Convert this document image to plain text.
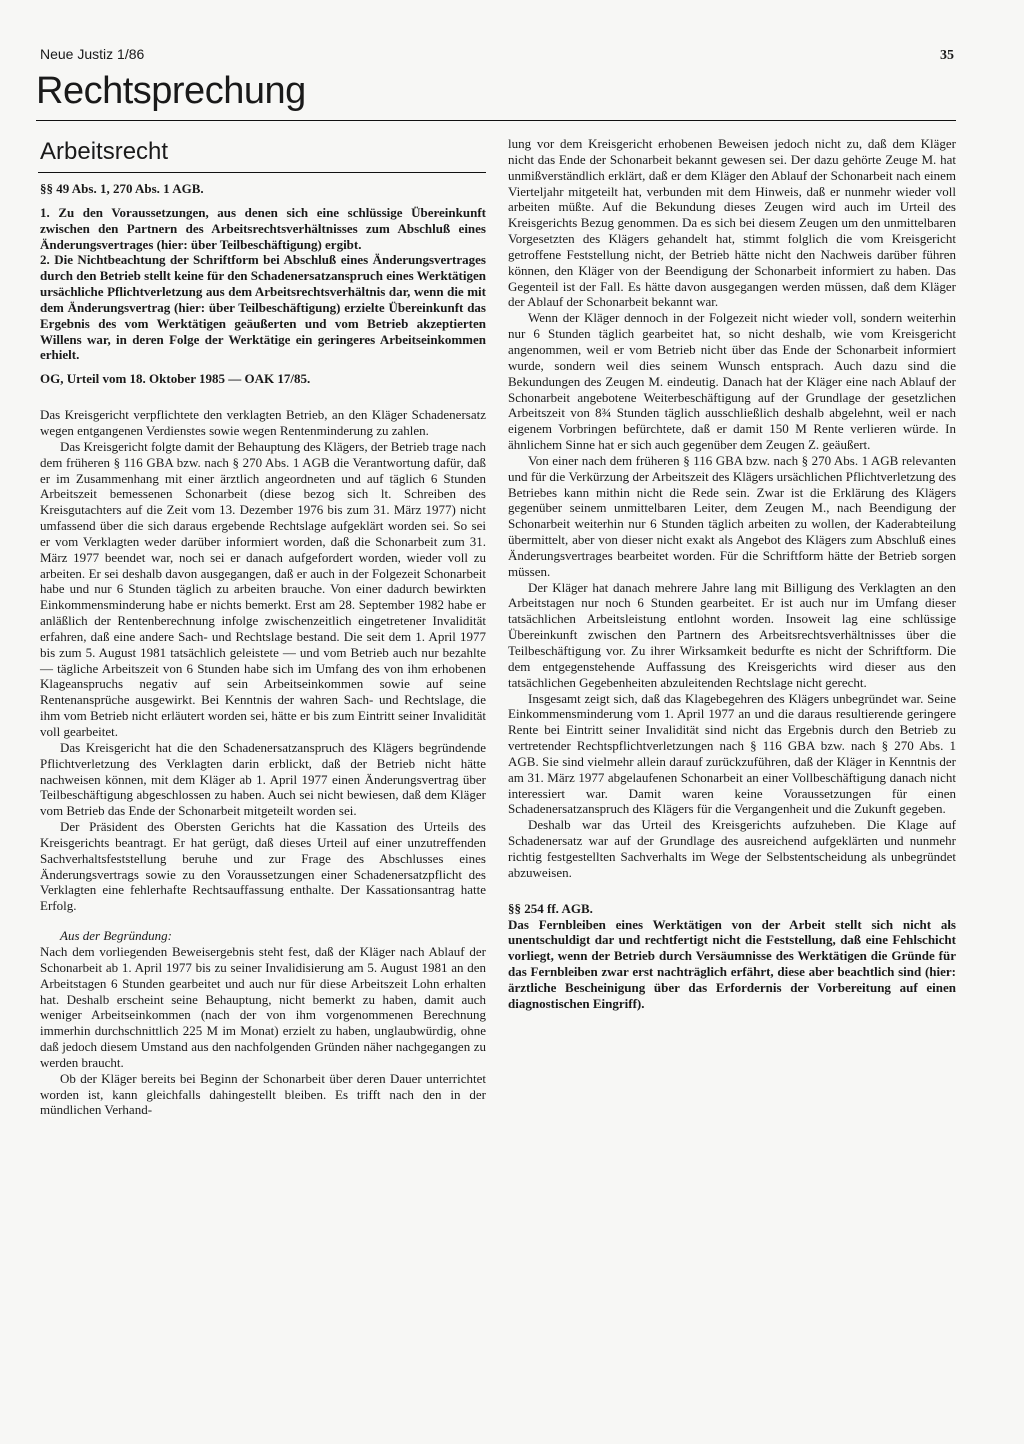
Neue Justiz 1/86	35
Rechtsprechung
Arbeitsrecht

§§ 49 Abs. 1, 270 Abs. 1 AGB.

1. Zu den Voraussetzungen, aus denen sich eine schlüssige Übereinkunft zwischen den Partnern des Arbeitsrechtsverhältnisses zum Abschluß eines Änderungsvertrages (hier: über Teilbeschäftigung) ergibt.

2. Die Nichtbeachtung der Schriftform bei Abschluß eines Änderungsvertrages durch den Betrieb stellt keine für den Schadenersatzanspruch eines Werktätigen ursächliche Pflichtverletzung aus dem Arbeitsrechtsverhältnis dar, wenn die mit dem Änderungsvertrag (hier: über Teilbeschäftigung) erzielte Übereinkunft das Ergebnis des vom Werktätigen geäußerten und vom Betrieb akzeptierten Willens war, in deren Folge der Werktätige ein geringeres Arbeitseinkommen erhielt.

OG, Urteil vom 18. Oktober 1985 — OAK 17/85.

Das Kreisgericht verpflichtete den verklagten Betrieb, an den Kläger Schadenersatz wegen entgangenen Verdienstes sowie wegen Rentenminderung zu zahlen.

Das Kreisgericht folgte damit der Behauptung des Klägers, der Betrieb trage nach dem früheren § 116 GBA bzw. nach § 270 Abs. 1 AGB die Verantwortung dafür, daß er im Zusammenhang mit einer ärztlich angeordneten und auf täglich 6 Stunden Arbeitszeit bemessenen Schonarbeit (diese bezog sich lt. Schreiben des Kreisgutachters auf die Zeit vom 13. Dezember 1976 bis zum 31. März 1977) nicht umfassend über die sich daraus ergebende Rechtslage aufgeklärt worden sei. So sei er vom Verklagten weder darüber informiert worden, daß die Schonarbeit zum 31. März 1977 beendet war, noch sei er danach aufgefordert worden, wieder voll zu arbeiten. Er sei deshalb davon ausgegangen, daß er auch in der Folgezeit Schonarbeit habe und nur 6 Stunden täglich zu arbeiten brauche. Von einer dadurch bewirkten Einkommensminderung habe er nichts bemerkt. Erst am 28. September 1982 habe er anläßlich der Rentenberechnung infolge zwischenzeitlich eingetretener Invalidität erfahren, daß eine andere Sach- und Rechtslage bestand. Die seit dem 1. April 1977 bis zum 5. August 1981 tatsächlich geleistete — und vom Betrieb auch nur bezahlte — tägliche Arbeitszeit von 6 Stunden habe sich im Umfang des von ihm erhobenen Klageanspruchs negativ auf sein Arbeitseinkommen sowie auf seine Rentenansprüche ausgewirkt. Bei Kenntnis der wahren Sach- und Rechtslage, die ihm vom Betrieb nicht erläutert worden sei, hätte er bis zum Eintritt seiner Invalidität voll gearbeitet.

Das Kreisgericht hat die den Schadenersatzanspruch des Klägers begründende Pflichtverletzung des Verklagten darin erblickt, daß der Betrieb nicht hätte nachweisen können, mit dem Kläger ab 1. April 1977 einen Änderungsvertrag über Teilbeschäftigung abgeschlossen zu haben. Auch sei nicht bewiesen, daß dem Kläger vom Betrieb das Ende der Schonarbeit mitgeteilt worden sei.

Der Präsident des Obersten Gerichts hat die Kassation des Urteils des Kreisgerichts beantragt. Er hat gerügt, daß dieses Urteil auf einer unzutreffenden Sachverhaltsfeststellung beruhe und zur Frage des Abschlusses eines Änderungsvertrags sowie zu den Voraussetzungen einer Schadenersatzpflicht des Verklagten eine fehlerhafte Rechtsauffassung enthalte. Der Kassationsantrag hatte Erfolg.

Aus der Begründung:

Nach dem vorliegenden Beweisergebnis steht fest, daß der Kläger nach Ablauf der Schonarbeit ab 1. April 1977 bis zu seiner Invalidisierung am 5. August 1981 an den Arbeitstagen 6 Stunden gearbeitet und auch nur für diese Arbeitszeit Lohn erhalten hat. Deshalb erscheint seine Behauptung, nicht bemerkt zu haben, damit auch weniger Arbeitseinkommen (nach der von ihm vorgenommenen Berechnung immerhin durchschnittlich 225 M im Monat) erzielt zu haben, unglaubwürdig, ohne daß jedoch diesem Umstand aus den nachfolgenden Gründen näher nachgegangen zu werden braucht.

Ob der Kläger bereits bei Beginn der Schonarbeit über deren Dauer unterrichtet worden ist, kann gleichfalls dahingestellt bleiben. Es trifft nach den in der mündlichen Verhand-

lung vor dem Kreisgericht erhobenen Beweisen jedoch nicht zu, daß dem Kläger nicht das Ende der Schonarbeit bekannt gewesen sei. Der dazu gehörte Zeuge M. hat unmißverständlich erklärt, daß er dem Kläger den Ablauf der Schonarbeit nach einem Vierteljahr mitgeteilt hat, verbunden mit dem Hinweis, daß er nunmehr wieder voll arbeiten müßte. Auf die Bekundung dieses Zeugen wird auch im Urteil des Kreisgerichts Bezug genommen. Da es sich bei diesem Zeugen um den unmittelbaren Vorgesetzten des Klägers gehandelt hat, stimmt folglich die vom Kreisgericht getroffene Feststellung nicht, der Betrieb hätte nicht den Nachweis darüber führen können, den Kläger von der Beendigung der Schonarbeit informiert zu haben. Das Gegenteil ist der Fall. Es hätte davon ausgegangen werden müssen, daß dem Kläger der Ablauf der Schonarbeit bekannt war.

Wenn der Kläger dennoch in der Folgezeit nicht wieder voll, sondern weiterhin nur 6 Stunden täglich gearbeitet hat, so nicht deshalb, wie vom Kreisgericht angenommen, weil er vom Betrieb nicht über das Ende der Schonarbeit informiert wurde, sondern weil dies seinem Wunsch entsprach. Auch dazu sind die Bekundungen des Zeugen M. eindeutig. Danach hat der Kläger eine nach Ablauf der Schonarbeit angebotene Weiterbeschäftigung auf der Grundlage der gesetzlichen Arbeitszeit von 8¾ Stunden täglich ausschließlich deshalb abgelehnt, weil er nach eigenem Vorbringen befürchtete, daß er damit 150 M Rente verlieren würde. In ähnlichem Sinne hat er sich auch gegenüber dem Zeugen Z. geäußert.

Von einer nach dem früheren § 116 GBA bzw. nach § 270 Abs. 1 AGB relevanten und für die Verkürzung der Arbeitszeit des Klägers ursächlichen Pflichtverletzung des Betriebes kann mithin nicht die Rede sein. Zwar ist die Erklärung des Klägers gegenüber seinem unmittelbaren Leiter, dem Zeugen M., nach Beendigung der Schonarbeit weiterhin nur 6 Stunden täglich arbeiten zu wollen, der Kaderabteilung übermittelt, aber von dieser nicht exakt als Angebot des Klägers zum Abschluß eines Änderungsvertrages bearbeitet worden. Für die Schriftform hätte der Betrieb sorgen müssen.

Der Kläger hat danach mehrere Jahre lang mit Billigung des Verklagten an den Arbeitstagen nur noch 6 Stunden gearbeitet. Er ist auch nur im Umfang dieser tatsächlichen Arbeitsleistung entlohnt worden. Insoweit lag eine schlüssige Übereinkunft zwischen den Partnern des Arbeitsrechtsverhältnisses über die Teilbeschäftigung vor. Zu ihrer Wirksamkeit bedurfte es nicht der Schriftform. Die dem entgegenstehende Auffassung des Kreisgerichts wird dieser aus den tatsächlichen Gegebenheiten abzuleitenden Rechtslage nicht gerecht.

Insgesamt zeigt sich, daß das Klagebegehren des Klägers unbegründet war. Seine Einkommensminderung vom 1. April 1977 an und die daraus resultierende geringere Rente bei Eintritt seiner Invalidität sind nicht das Ergebnis durch den Betrieb zu vertretender Rechtspflichtverletzungen nach § 116 GBA bzw. nach § 270 Abs. 1 AGB. Sie sind vielmehr allein darauf zurückzuführen, daß der Kläger in Kenntnis der am 31. März 1977 abgelaufenen Schonarbeit an einer Vollbeschäftigung danach nicht interessiert war. Damit waren keine Voraussetzungen für einen Schadenersatzanspruch des Klägers für die Vergangenheit und die Zukunft gegeben.

Deshalb war das Urteil des Kreisgerichts aufzuheben. Die Klage auf Schadenersatz war auf der Grundlage des ausreichend aufgeklärten und nunmehr richtig festgestellten Sachverhalts im Wege der Selbstentscheidung als unbegründet abzuweisen.

§§ 254 ff. AGB.

Das Fernbleiben eines Werktätigen von der Arbeit stellt sich nicht als unentschuldigt dar und rechtfertigt nicht die Feststellung, daß eine Fehlschicht vorliegt, wenn der Betrieb durch Versäumnisse des Werktätigen die Gründe für das Fernbleiben zwar erst nachträglich erfährt, diese aber beachtlich sind (hier: ärztliche Bescheinigung über das Erfordernis der Vorbereitung auf einen diagnostischen Eingriff).
